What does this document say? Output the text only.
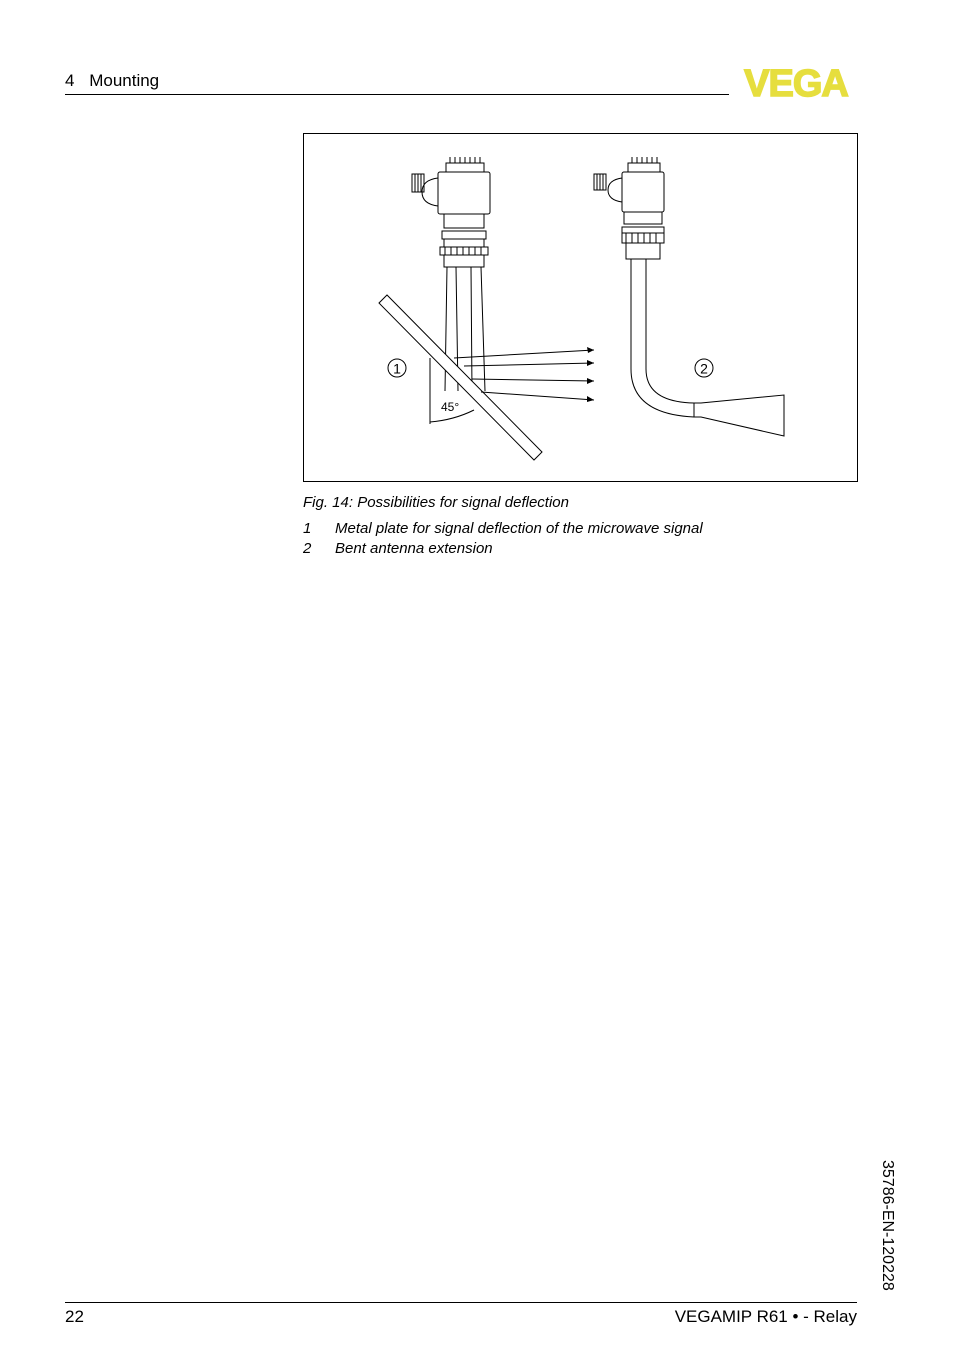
4 Mounting	VEGA
1	2
45°
Fig. 14: Possibilities for signal deflection
1	Metal plate for signal deflection of the microwave signal
2	Bent antenna extension
35786-EN-120228
22	VEGAMIP R61 • - Relay
